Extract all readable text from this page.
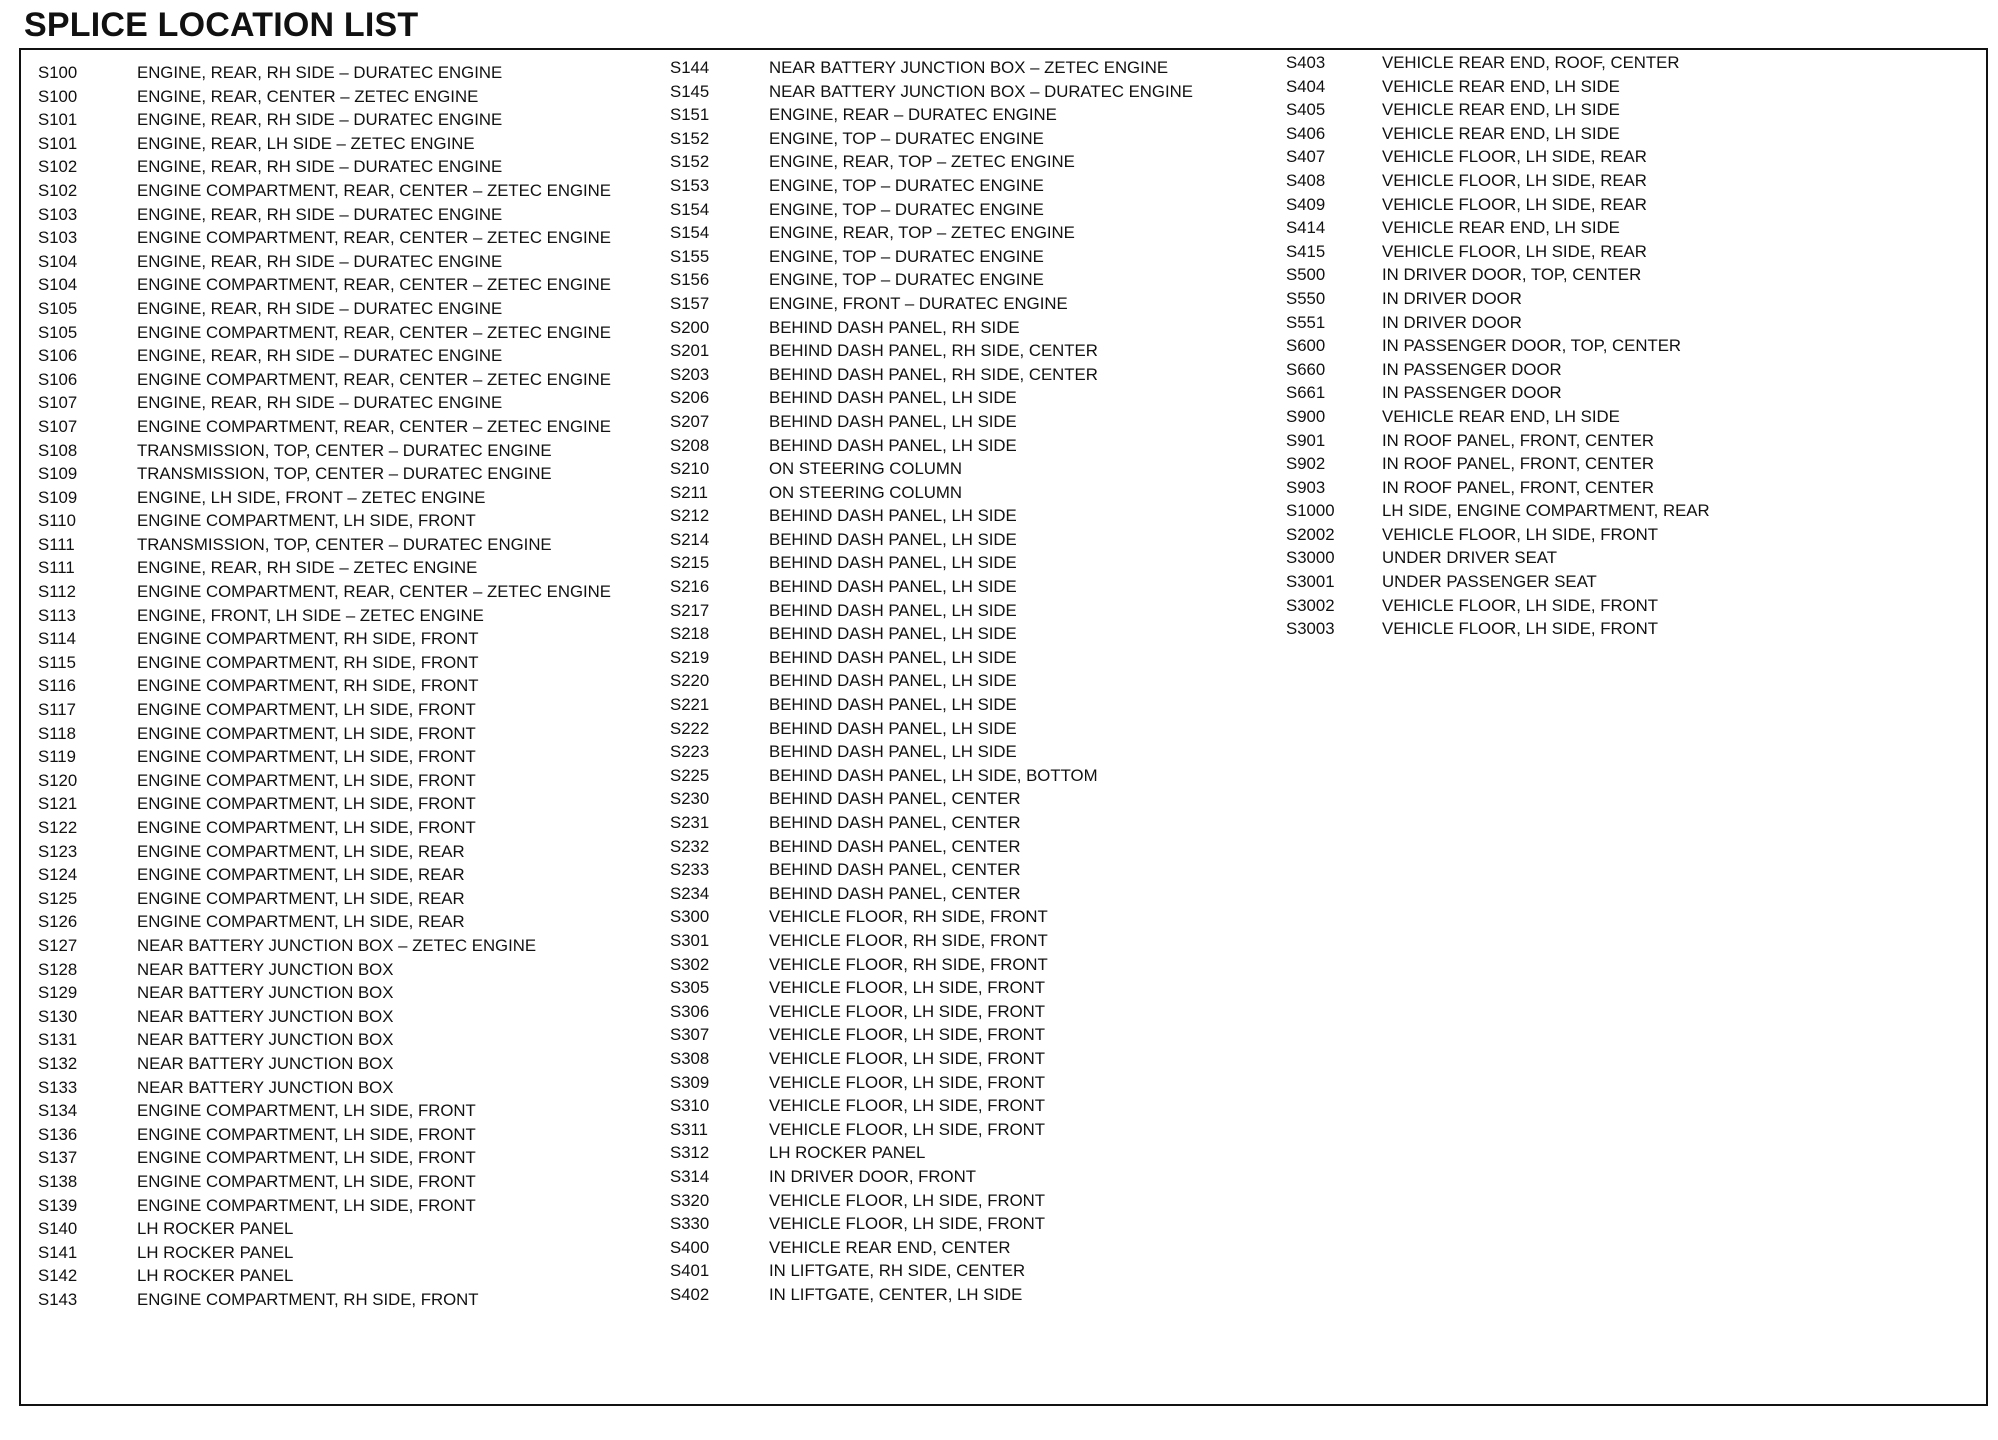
SPLICE LOCATION LIST
S100	ENGINE, REAR, RH SIDE – DURATEC ENGINE
S100	ENGINE, REAR, CENTER – ZETEC ENGINE
S101	ENGINE, REAR, RH SIDE – DURATEC ENGINE
S101	ENGINE, REAR, LH SIDE – ZETEC ENGINE
S102	ENGINE, REAR, RH SIDE – DURATEC ENGINE
S102	ENGINE COMPARTMENT, REAR, CENTER – ZETEC ENGINE
S103	ENGINE, REAR, RH SIDE – DURATEC ENGINE
S103	ENGINE COMPARTMENT, REAR, CENTER – ZETEC ENGINE
S104	ENGINE, REAR, RH SIDE – DURATEC ENGINE
S104	ENGINE COMPARTMENT, REAR, CENTER – ZETEC ENGINE
S105	ENGINE, REAR, RH SIDE – DURATEC ENGINE
S105	ENGINE COMPARTMENT, REAR, CENTER – ZETEC ENGINE
S106	ENGINE, REAR, RH SIDE – DURATEC ENGINE
S106	ENGINE COMPARTMENT, REAR, CENTER – ZETEC ENGINE
S107	ENGINE, REAR, RH SIDE – DURATEC ENGINE
S107	ENGINE COMPARTMENT, REAR, CENTER – ZETEC ENGINE
S108	TRANSMISSION, TOP, CENTER – DURATEC ENGINE
S109	TRANSMISSION, TOP, CENTER – DURATEC ENGINE
S109	ENGINE, LH SIDE, FRONT – ZETEC ENGINE
S110	ENGINE COMPARTMENT, LH SIDE, FRONT
S111	TRANSMISSION, TOP, CENTER – DURATEC ENGINE
S111	ENGINE, REAR, RH SIDE – ZETEC ENGINE
S112	ENGINE COMPARTMENT, REAR, CENTER – ZETEC ENGINE
S113	ENGINE, FRONT, LH SIDE – ZETEC ENGINE
S114	ENGINE COMPARTMENT, RH SIDE, FRONT
S115	ENGINE COMPARTMENT, RH SIDE, FRONT
S116	ENGINE COMPARTMENT, RH SIDE, FRONT
S117	ENGINE COMPARTMENT, LH SIDE, FRONT
S118	ENGINE COMPARTMENT, LH SIDE, FRONT
S119	ENGINE COMPARTMENT, LH SIDE, FRONT
S120	ENGINE COMPARTMENT, LH SIDE, FRONT
S121	ENGINE COMPARTMENT, LH SIDE, FRONT
S122	ENGINE COMPARTMENT, LH SIDE, FRONT
S123	ENGINE COMPARTMENT, LH SIDE, REAR
S124	ENGINE COMPARTMENT, LH SIDE, REAR
S125	ENGINE COMPARTMENT, LH SIDE, REAR
S126	ENGINE COMPARTMENT, LH SIDE, REAR
S127	NEAR BATTERY JUNCTION BOX – ZETEC ENGINE
S128	NEAR BATTERY JUNCTION BOX
S129	NEAR BATTERY JUNCTION BOX
S130	NEAR BATTERY JUNCTION BOX
S131	NEAR BATTERY JUNCTION BOX
S132	NEAR BATTERY JUNCTION BOX
S133	NEAR BATTERY JUNCTION BOX
S134	ENGINE COMPARTMENT, LH SIDE, FRONT
S136	ENGINE COMPARTMENT, LH SIDE, FRONT
S137	ENGINE COMPARTMENT, LH SIDE, FRONT
S138	ENGINE COMPARTMENT, LH SIDE, FRONT
S139	ENGINE COMPARTMENT, LH SIDE, FRONT
S140	LH ROCKER PANEL
S141	LH ROCKER PANEL
S142	LH ROCKER PANEL
S143	ENGINE COMPARTMENT, RH SIDE, FRONT
S144	NEAR BATTERY JUNCTION BOX – ZETEC ENGINE
S145	NEAR BATTERY JUNCTION BOX – DURATEC ENGINE
S151	ENGINE, REAR – DURATEC ENGINE
S152	ENGINE, TOP – DURATEC ENGINE
S152	ENGINE, REAR, TOP – ZETEC ENGINE
S153	ENGINE, TOP – DURATEC ENGINE
S154	ENGINE, TOP – DURATEC ENGINE
S154	ENGINE, REAR, TOP – ZETEC ENGINE
S155	ENGINE, TOP – DURATEC ENGINE
S156	ENGINE, TOP – DURATEC ENGINE
S157	ENGINE, FRONT – DURATEC ENGINE
S200	BEHIND DASH PANEL, RH SIDE
S201	BEHIND DASH PANEL, RH SIDE, CENTER
S203	BEHIND DASH PANEL, RH SIDE, CENTER
S206	BEHIND DASH PANEL, LH SIDE
S207	BEHIND DASH PANEL, LH SIDE
S208	BEHIND DASH PANEL, LH SIDE
S210	ON STEERING COLUMN
S211	ON STEERING COLUMN
S212	BEHIND DASH PANEL, LH SIDE
S214	BEHIND DASH PANEL, LH SIDE
S215	BEHIND DASH PANEL, LH SIDE
S216	BEHIND DASH PANEL, LH SIDE
S217	BEHIND DASH PANEL, LH SIDE
S218	BEHIND DASH PANEL, LH SIDE
S219	BEHIND DASH PANEL, LH SIDE
S220	BEHIND DASH PANEL, LH SIDE
S221	BEHIND DASH PANEL, LH SIDE
S222	BEHIND DASH PANEL, LH SIDE
S223	BEHIND DASH PANEL, LH SIDE
S225	BEHIND DASH PANEL, LH SIDE, BOTTOM
S230	BEHIND DASH PANEL, CENTER
S231	BEHIND DASH PANEL, CENTER
S232	BEHIND DASH PANEL, CENTER
S233	BEHIND DASH PANEL, CENTER
S234	BEHIND DASH PANEL, CENTER
S300	VEHICLE FLOOR, RH SIDE, FRONT
S301	VEHICLE FLOOR, RH SIDE, FRONT
S302	VEHICLE FLOOR, RH SIDE, FRONT
S305	VEHICLE FLOOR, LH SIDE, FRONT
S306	VEHICLE FLOOR, LH SIDE, FRONT
S307	VEHICLE FLOOR, LH SIDE, FRONT
S308	VEHICLE FLOOR, LH SIDE, FRONT
S309	VEHICLE FLOOR, LH SIDE, FRONT
S310	VEHICLE FLOOR, LH SIDE, FRONT
S311	VEHICLE FLOOR, LH SIDE, FRONT
S312	LH ROCKER PANEL
S314	IN DRIVER DOOR, FRONT
S320	VEHICLE FLOOR, LH SIDE, FRONT
S330	VEHICLE FLOOR, LH SIDE, FRONT
S400	VEHICLE REAR END, CENTER
S401	IN LIFTGATE, RH SIDE, CENTER
S402	IN LIFTGATE, CENTER, LH SIDE
S403	VEHICLE REAR END, ROOF, CENTER
S404	VEHICLE REAR END, LH SIDE
S405	VEHICLE REAR END, LH SIDE
S406	VEHICLE REAR END, LH SIDE
S407	VEHICLE FLOOR, LH SIDE, REAR
S408	VEHICLE FLOOR, LH SIDE, REAR
S409	VEHICLE FLOOR, LH SIDE, REAR
S414	VEHICLE REAR END, LH SIDE
S415	VEHICLE FLOOR, LH SIDE, REAR
S500	IN DRIVER DOOR, TOP, CENTER
S550	IN DRIVER DOOR
S551	IN DRIVER DOOR
S600	IN PASSENGER DOOR, TOP, CENTER
S660	IN PASSENGER DOOR
S661	IN PASSENGER DOOR
S900	VEHICLE REAR END, LH SIDE
S901	IN ROOF PANEL, FRONT, CENTER
S902	IN ROOF PANEL, FRONT, CENTER
S903	IN ROOF PANEL, FRONT, CENTER
S1000	LH SIDE, ENGINE COMPARTMENT, REAR
S2002	VEHICLE FLOOR, LH SIDE, FRONT
S3000	UNDER DRIVER SEAT
S3001	UNDER PASSENGER SEAT
S3002	VEHICLE FLOOR, LH SIDE, FRONT
S3003	VEHICLE FLOOR, LH SIDE, FRONT
